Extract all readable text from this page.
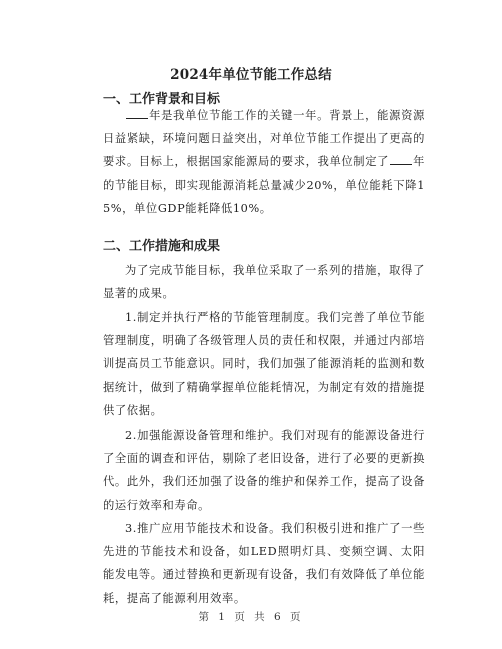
2024年单位节能工作总结
一、工作背景和目标
年是我单位节能工作的关键一年。背景上，能源资源日益紧缺，环境问题日益突出，对单位节能工作提出了更高的要求。目标上，根据国家能源局的要求，我单位制定了 年的节能目标，即实现能源消耗总量减少20%，单位能耗下降15%，单位GDP能耗降低10%。
二、工作措施和成果
为了完成节能目标，我单位采取了一系列的措施，取得了显著的成果。
1.制定并执行严格的节能管理制度。我们完善了单位节能管理制度，明确了各级管理人员的责任和权限，并通过内部培训提高员工节能意识。同时，我们加强了能源消耗的监测和数据统计，做到了精确掌握单位能耗情况，为制定有效的措施提供了依据。
2.加强能源设备管理和维护。我们对现有的能源设备进行了全面的调查和评估，剔除了老旧设备，进行了必要的更新换代。此外，我们还加强了设备的维护和保养工作，提高了设备的运行效率和寿命。
3.推广应用节能技术和设备。我们积极引进和推广了一些先进的节能技术和设备，如LED照明灯具、变频空调、太阳能发电等。通过替换和更新现有设备，我们有效降低了单位能耗，提高了能源利用效率。
第 1 页 共 6 页
